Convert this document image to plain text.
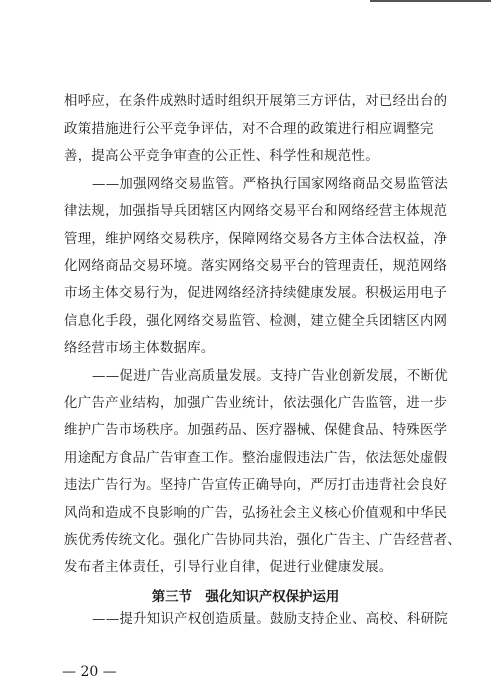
相呼应，在条件成熟时适时组织开展第三方评估，对已经出台的
政策措施进行公平竞争评估，对不合理的政策进行相应调整完
善，提高公平竞争审查的公正性、科学性和规范性。
——加强网络交易监管。严格执行国家网络商品交易监管法
律法规，加强指导兵团辖区内网络交易平台和网络经营主体规范
管理，维护网络交易秩序，保障网络交易各方主体合法权益，净
化网络商品交易环境。落实网络交易平台的管理责任，规范网络
市场主体交易行为，促进网络经济持续健康发展。积极运用电子
信息化手段，强化网络交易监管、检测，建立健全兵团辖区内网
络经营市场主体数据库。
——促进广告业高质量发展。支持广告业创新发展，不断优
化广告产业结构，加强广告业统计，依法强化广告监管，进一步
维护广告市场秩序。加强药品、医疗器械、保健食品、特殊医学
用途配方食品广告审查工作。整治虚假违法广告，依法惩处虚假
违法广告行为。坚持广告宣传正确导向，严厉打击违背社会良好
风尚和造成不良影响的广告，弘扬社会主义核心价值观和中华民
族优秀传统文化。强化广告协同共治，强化广告主、广告经营者、
发布者主体责任，引导行业自律，促进行业健康发展。
第三节　强化知识产权保护运用
——提升知识产权创造质量。鼓励支持企业、高校、科研院
— 20 —
